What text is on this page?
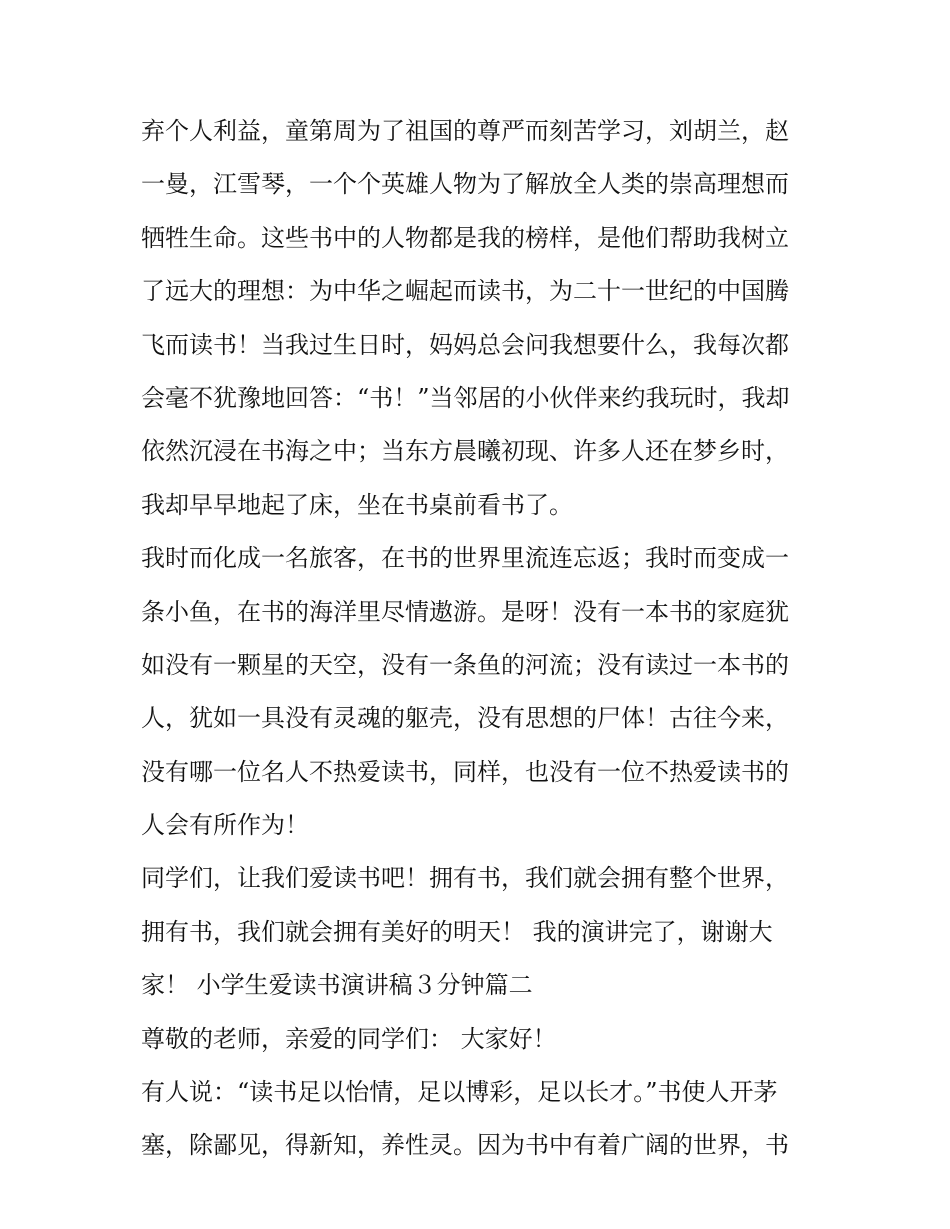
弃个人利益，童第周为了祖国的尊严而刻苦学习，刘胡兰，赵
一曼，江雪琴，一个个英雄人物为了解放全人类的崇高理想而
牺牲生命。这些书中的人物都是我的榜样，是他们帮助我树立
了远大的理想：为中华之崛起而读书，为二十一世纪的中国腾
飞而读书！当我过生日时，妈妈总会问我想要什么，我每次都
会毫不犹豫地回答：“书！”当邻居的小伙伴来约我玩时，我却
依然沉浸在书海之中；当东方晨曦初现、许多人还在梦乡时，
我却早早地起了床，坐在书桌前看书了。
我时而化成一名旅客，在书的世界里流连忘返；我时而变成一
条小鱼，在书的海洋里尽情遨游。是呀！没有一本书的家庭犹
如没有一颗星的天空，没有一条鱼的河流；没有读过一本书的
人，犹如一具没有灵魂的躯壳，没有思想的尸体！古往今来，
没有哪一位名人不热爱读书，同样，也没有一位不热爱读书的
人会有所作为！
同学们，让我们爱读书吧！拥有书，我们就会拥有整个世界，
拥有书，我们就会拥有美好的明天！ 我的演讲完了，谢谢大
家！ 小学生爱读书演讲稿３分钟篇二
尊敬的老师，亲爱的同学们： 大家好！
有人说：“读书足以怡情，足以博彩，足以长才。”书使人开茅
塞，除鄙见，得新知，养性灵。因为书中有着广阔的世界，书
